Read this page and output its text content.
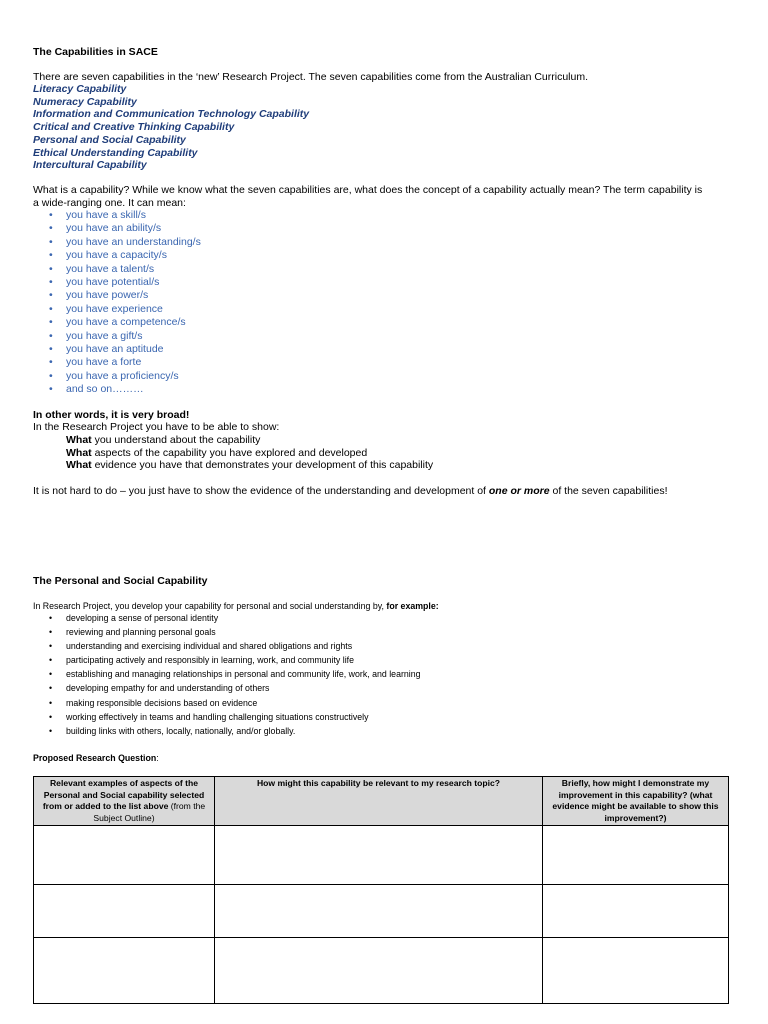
The Capabilities in SACE
There are seven capabilities in the ‘new’ Research Project. The seven capabilities come from the Australian Curriculum.
Literacy Capability
Numeracy Capability
Information and Communication Technology Capability
Critical and Creative Thinking Capability
Personal and Social Capability
Ethical Understanding Capability
Intercultural Capability
What is a capability? While we know what the seven capabilities are, what does the concept of a capability actually mean? The term capability is
a wide-ranging one. It can mean:
• you have a skill/s
• you have an ability/s
• you have an understanding/s
• you have a capacity/s
• you have a talent/s
• you have potential/s
• you have power/s
• you have experience
• you have a competence/s
• you have a gift/s
• you have an aptitude
• you have a forte
• you have a proficiency/s
• and so on………
In other words, it is very broad!
In the Research Project you have to be able to show:
What you understand about the capability
What aspects of the capability you have explored and developed
What evidence you have that demonstrates your development of this capability
It is not hard to do – you just have to show the evidence of the understanding and development of one or more of the seven capabilities!
The Personal and Social Capability
In Research Project, you develop your capability for personal and social understanding by, for example:
• developing a sense of personal identity
• reviewing and planning personal goals
• understanding and exercising individual and shared obligations and rights
• participating actively and responsibly in learning, work, and community life
• establishing and managing relationships in personal and community life, work, and learning
• developing empathy for and understanding of others
• making responsible decisions based on evidence
• working effectively in teams and handling challenging situations constructively
• building links with others, locally, nationally, and/or globally.
Proposed Research Question:
Relevant examples of aspects of the Personal and Social capability selected from or added to the list above (from the Subject Outline)	How might this capability be relevant to my research topic?	Briefly, how might I demonstrate my improvement in this capability? (what evidence might be available to show this improvement?)
